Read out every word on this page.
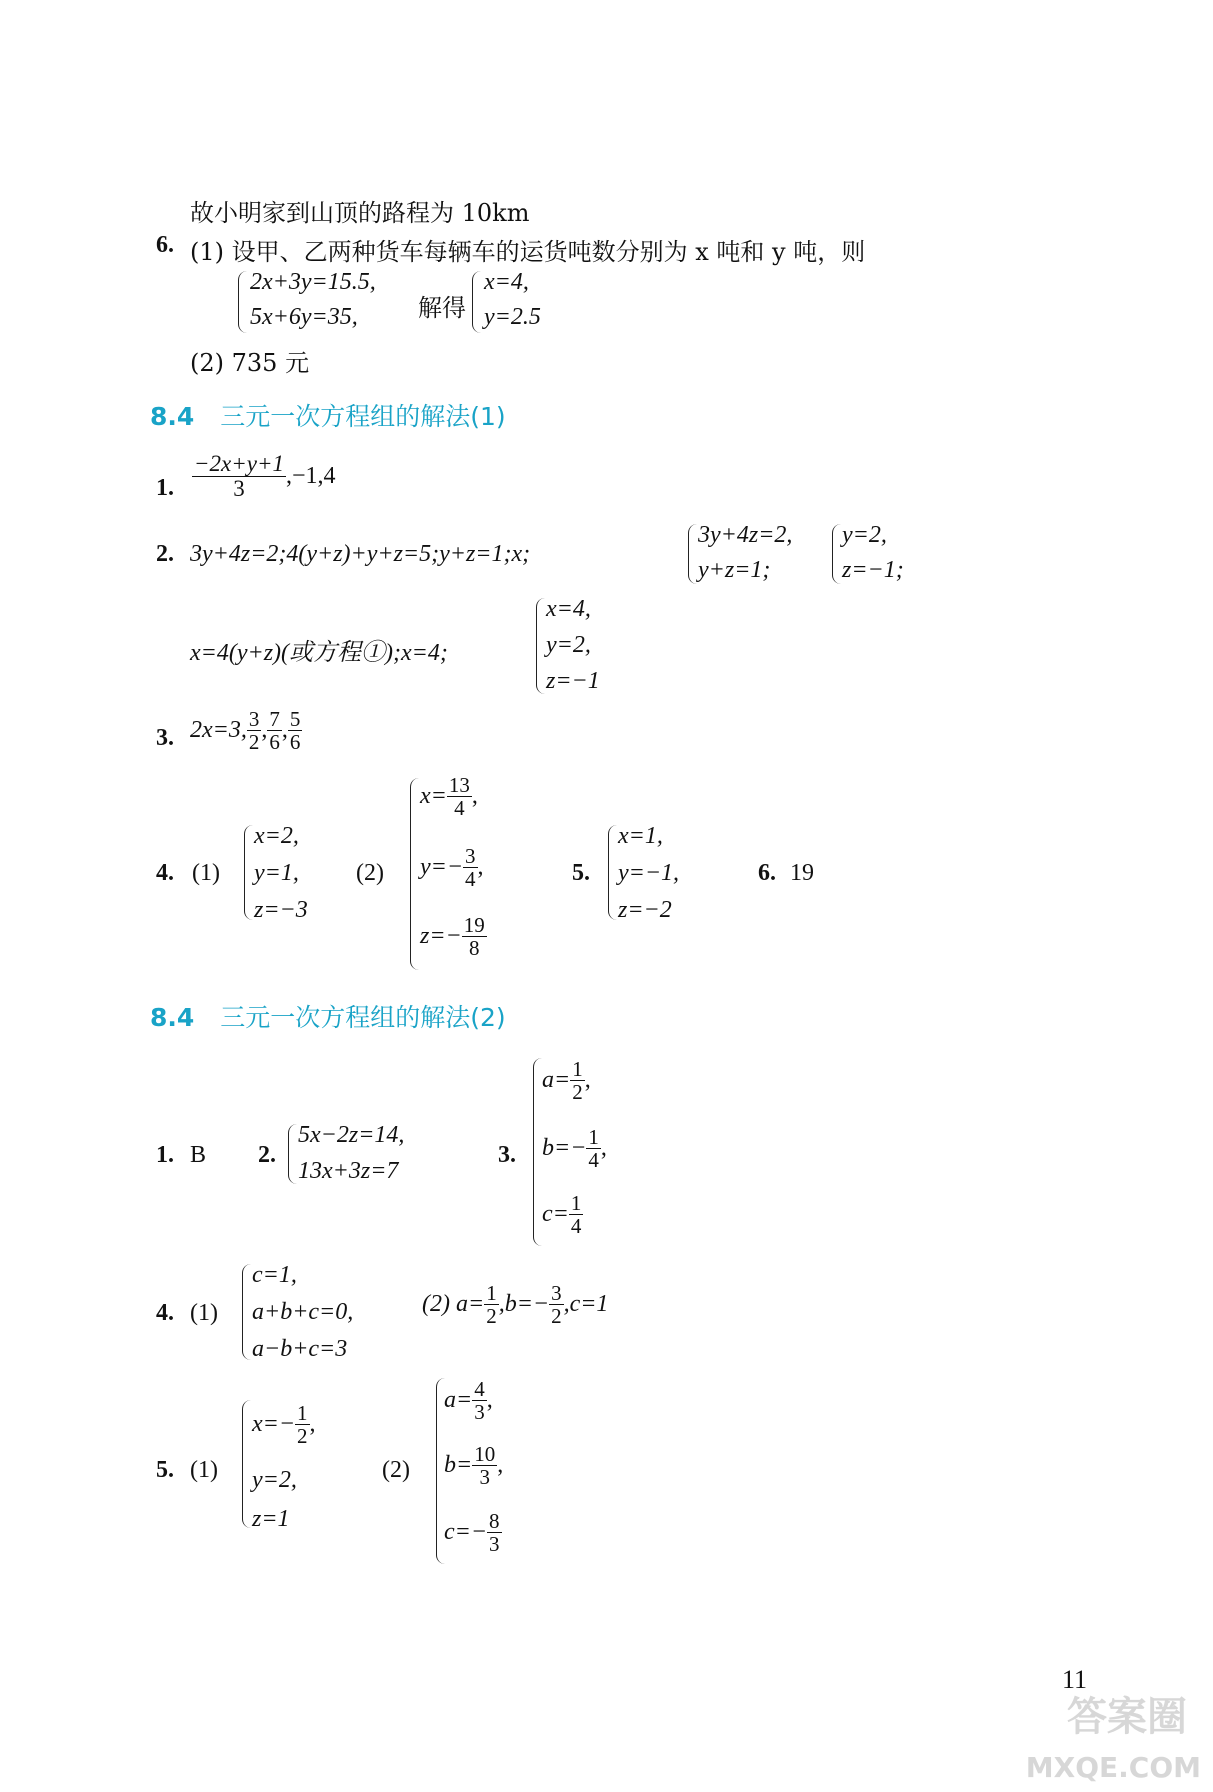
故小明家到山顶的路程为 10km
6. (1) 设甲、乙两种货车每辆车的运货吨数分别为 x 吨和 y 吨，则
2x+3y=15.5,
5x+6y=35,	解得
x=4,
y=2.5
(2) 735 元
8.4 三元一次方程组的解法(1)
1. $\frac{-2x+y+1}{3} ,-1,4$
2. 3y+4z=2;4(y+z)+y+z=5;y+z=1;x;
3y+4z=2,
y+z=1;
y=2,
z=−1;
x=4(y+z)(或方程①);x=4;
x=4,
y=2,
z=−1
3. 2x=3, $\frac{3}{2}$ , $\frac{7}{6}$ , $\frac{5}{6}$
4. (1)
x=2,
y=1,
z=−3
(2)
$x= \frac{13}{4}$ ,
$y=- \frac{3}{4}$ ,
$z=- \frac{19}{8}$
5.
x=1,
y=−1,
z=−2
6. 19
8.4 三元一次方程组的解法(2)
1. B 2.
5x−2z=14,
13x+3z=7
3.
$a= \frac{1}{2}$ ,
$b=- \frac{1}{4}$ ,
$c= \frac{1}{4}$
4. (1)
c=1,
a+b+c=0,
a−b+c=3
(2) $a= \frac{1}{2} ,b=- \frac{3}{2} ,c=1$
5. (1)
$x=- \frac{1}{2}$ ,
y=2,
z=1
(2)
$a= \frac{4}{3}$ ,
$b= \frac{10}{3}$ ,
$c=- \frac{8}{3}$
11
答案圈
MXQE.COM
